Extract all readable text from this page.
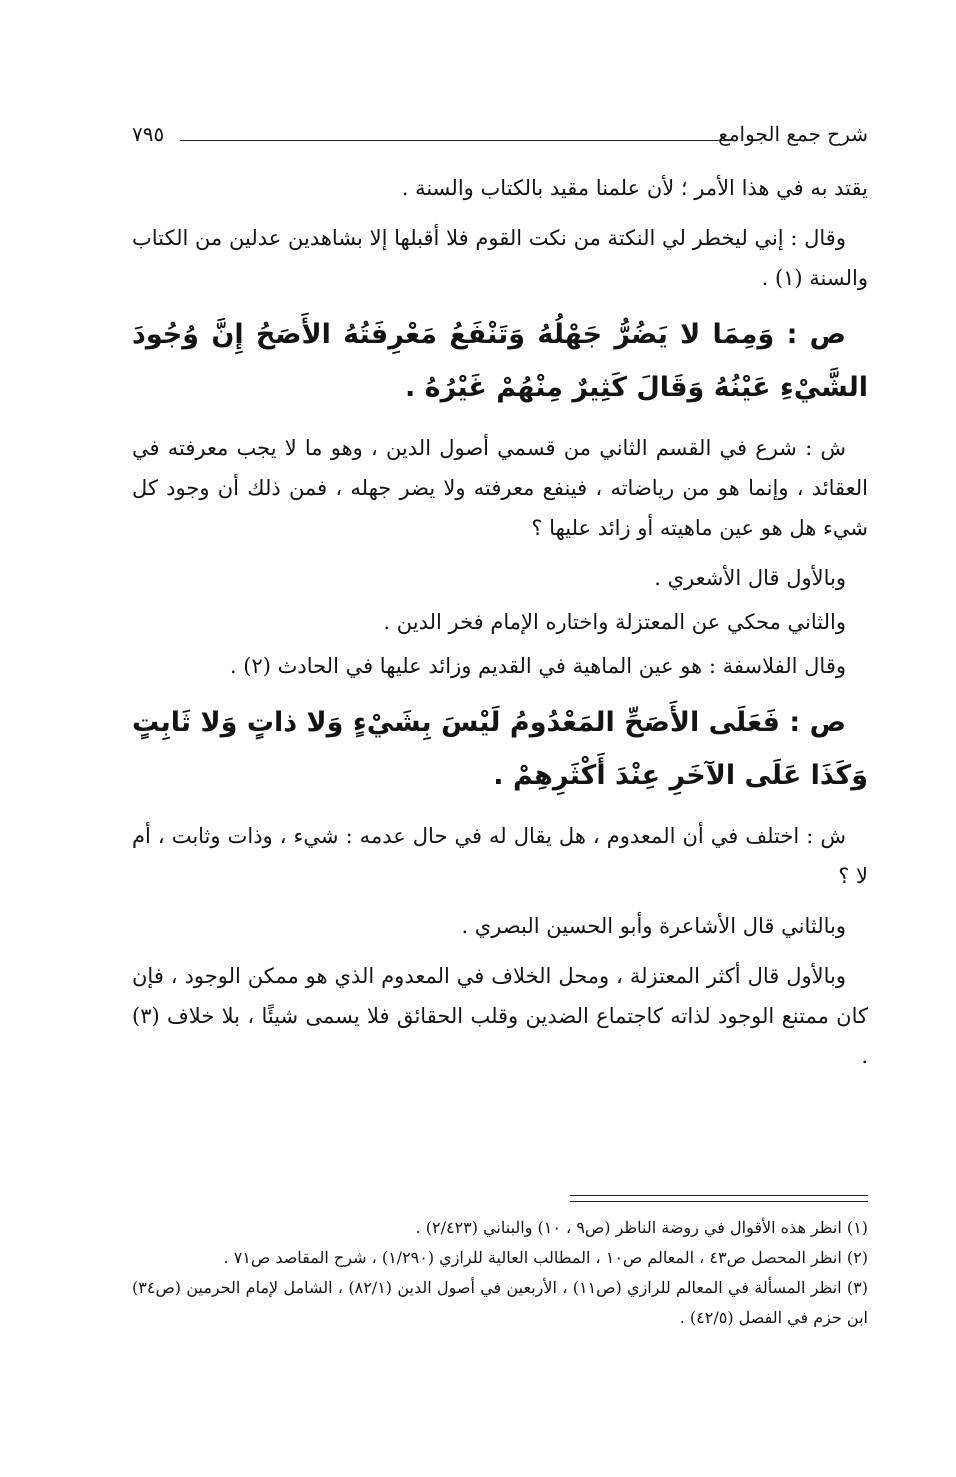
شرح جمع الجوامع
٧٩٥

يقتد به في هذا الأمر ؛ لأن علمنا مقيد بالكتاب والسنة .

وقال : إني ليخطر لي النكتة من نكت القوم فلا أقبلها إلا بشاهدين عدلين من الكتاب والسنة (١) .

ص : وَمِمَا لا يَضُرُّ جَهْلُهُ وَتَنْفَعُ مَعْرِفَتُهُ الأَصَحُ إِنَّ وُجُودَ الشَّيْءِ عَيْنُهُ وَقَالَ كَثِيرٌ مِنْهُمْ غَيْرُهُ .

ش : شرع في القسم الثاني من قسمي أصول الدين ، وهو ما لا يجب معرفته في العقائد ، وإنما هو من رياضاته ، فينفع معرفته ولا يضر جهله ، فمن ذلك أن وجود كل شيء هل هو عين ماهيته أو زائد عليها ؟

وبالأول قال الأشعري .

والثاني محكي عن المعتزلة واختاره الإمام فخر الدين .

وقال الفلاسفة : هو عين الماهية في القديم وزائد عليها في الحادث (٢) .

ص : فَعَلَى الأَصَحِّ المَعْدُومُ لَيْسَ بِشَيْءٍ وَلا ذاتٍ وَلا ثَابِتٍ وَكَذَا عَلَى الآخَرِ عِنْدَ أَكْثَرِهِمْ .

ش : اختلف في أن المعدوم ، هل يقال له في حال عدمه : شيء ، وذات وثابت ، أم لا ؟

وبالثاني قال الأشاعرة وأبو الحسين البصري .

وبالأول قال أكثر المعتزلة ، ومحل الخلاف في المعدوم الذي هو ممكن الوجود ، فإن كان ممتنع الوجود لذاته كاجتماع الضدين وقلب الحقائق فلا يسمى شيئًا ، بلا خلاف (٣) .

(١) انظر هذه الأقوال في روضة الناظر (ص٩ ، ١٠) والبناني (٢/٤٢٣) .

(٢) انظر المحصل ص٤٣ ، المعالم ص١٠ ، المطالب العالية للرازي (١/٢٩٠) ، شرح المقاصد ص٧١ .

(٣) انظر المسألة في المعالم للرازي (ص١١) ، الأربعين في أصول الدين (٨٢/١) ، الشامل لإمام الحرمين (ص٣٤) ابن حزم في الفصل (٤٢/٥) .
